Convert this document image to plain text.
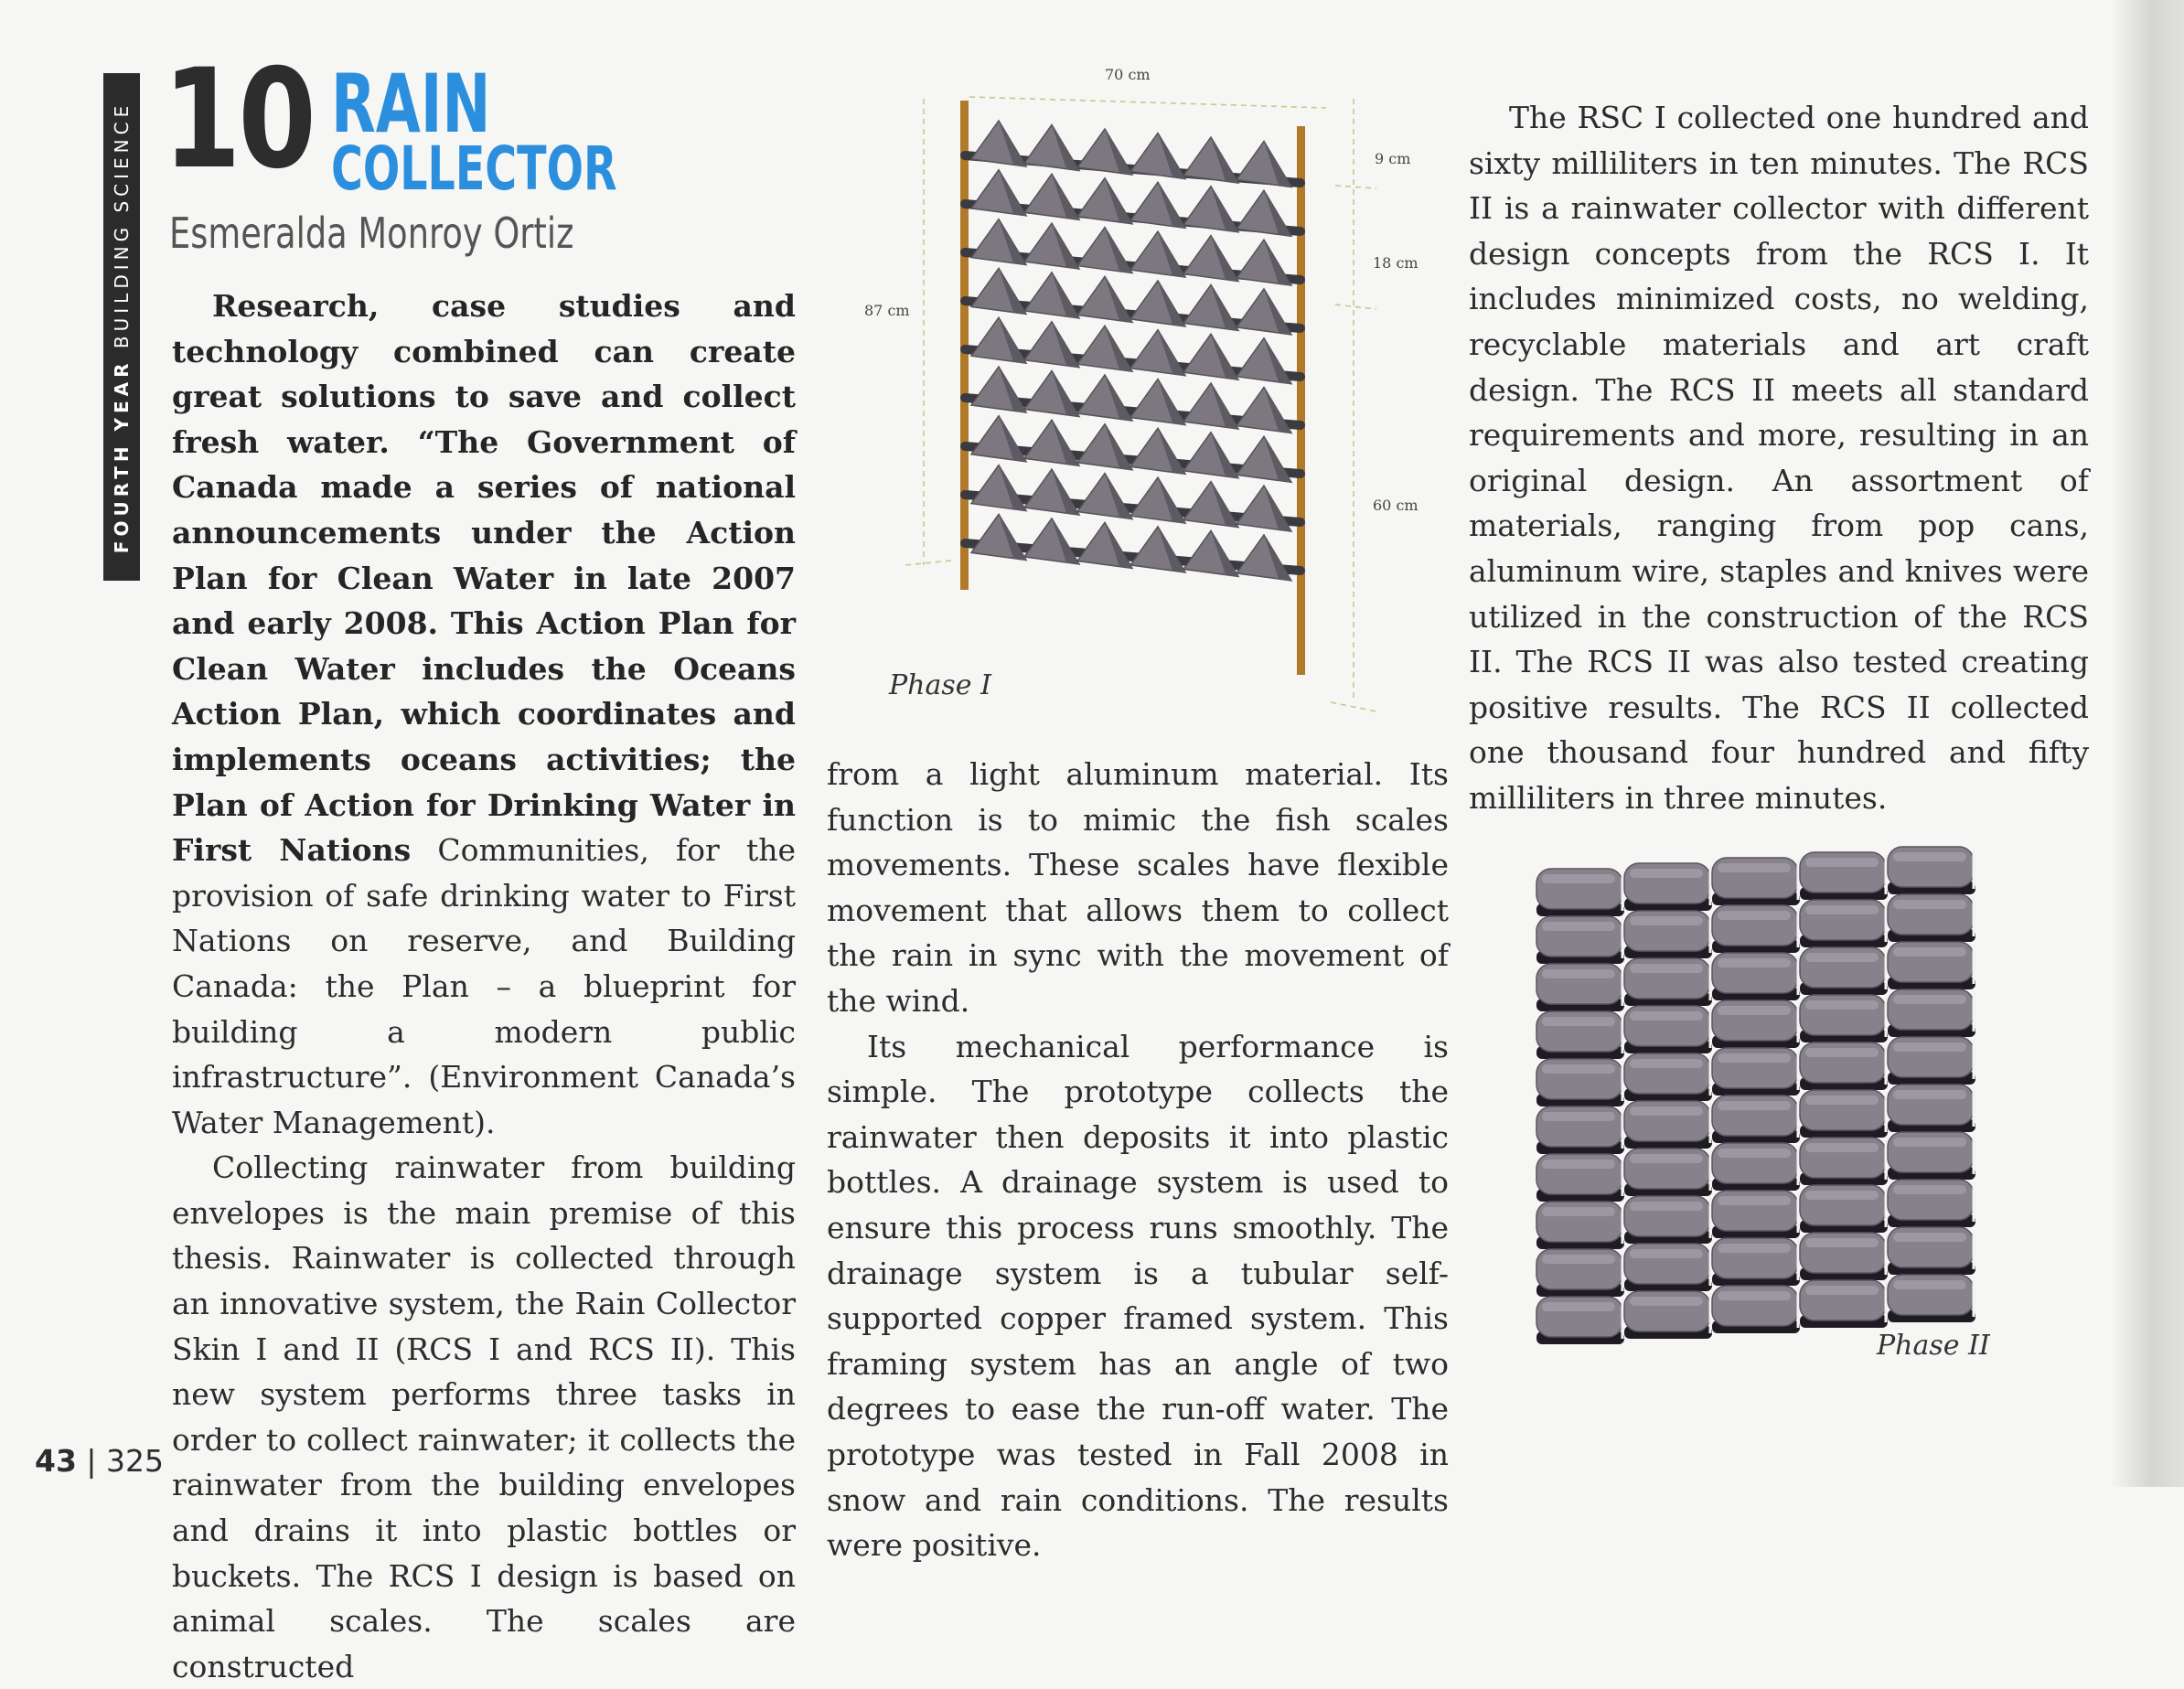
FOURTH YEAR BUILDING SCIENCE 10 RAIN
COLLECTOR
Esmeralda Monroy Ortiz

Research, case studies and technology combined can create great solutions to save and collect fresh water. “The Government of Canada made a series of national announcements under the Action Plan for Clean Water in late 2007 and early 2008. This Action Plan for Clean Water includes the Oceans Action Plan, which coordinates and implements oceans activities; the Plan of Action for Drinking Water in First Nations Communities, for the provision of safe drinking water to First Nations on reserve, and Building Canada: the Plan – a blueprint for building a modern public infrastructure”. (Environment Canada’s Water Management).

Collecting rainwater from building envelopes is the main premise of this thesis. Rainwater is collected through an innovative system, the Rain Collector Skin I and II (RCS I and RCS II). This new system performs three tasks in order to collect rainwater; it collects the rainwater from the building envelopes and drains it into plastic bottles or buckets. The RCS I design is based on animal scales. The scales are constructed

from a light aluminum material. Its function is to mimic the fish scales movements. These scales have flexible movement that allows them to collect the rain in sync with the movement of the wind.

Its mechanical performance is simple. The prototype collects the rainwater then deposits it into plastic bottles. A drainage system is used to ensure this process runs smoothly. The drainage system is a tubular self-supported copper framed system. This framing system has an angle of two degrees to ease the run-off water. The prototype was tested in Fall 2008 in snow and rain conditions. The results were positive.

The RSC I collected one hundred and sixty milliliters in ten minutes. The RCS II is a rainwater collector with different design concepts from the RCS I. It includes minimized costs, no welding, recyclable materials and art craft design. The RCS II meets all standard requirements and more, resulting in an original design. An assortment of materials, ranging from pop cans, aluminum wire, staples and knives were utilized in the construction of the RCS II. The RCS II was also tested creating positive results. The RCS II collected one thousand four hundred and fifty milliliters in three minutes.

70 cm
87 cm
9 cm
18 cm
60 cm
Phase I
Phase II
43 | 325
